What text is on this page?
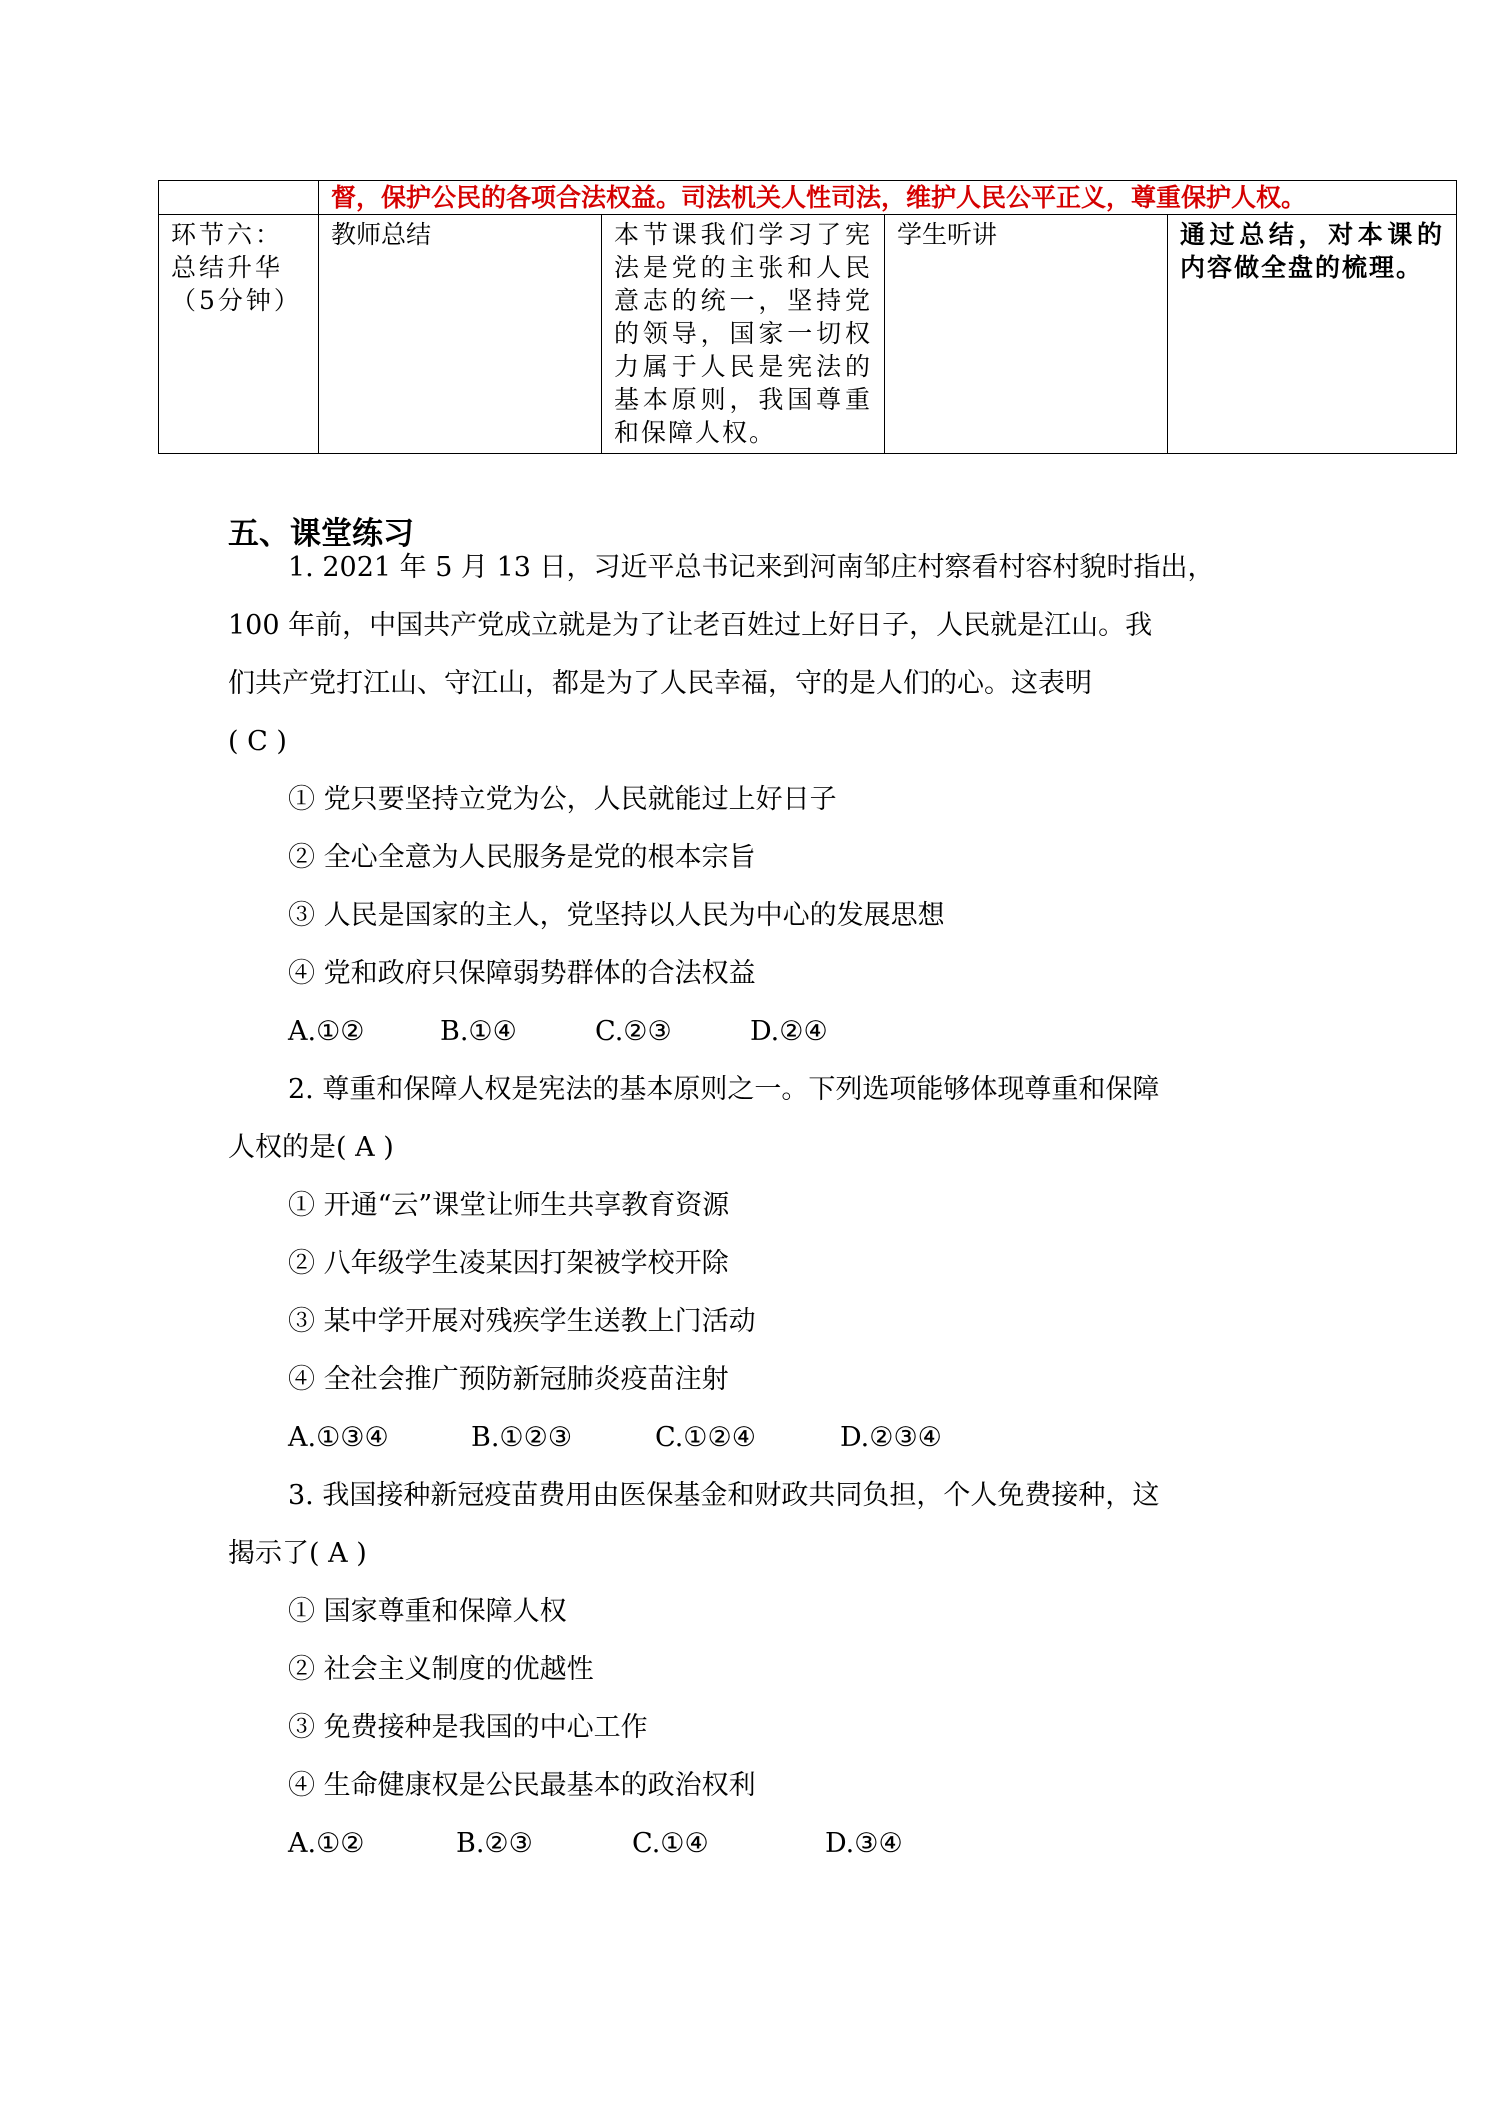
	督，保护公民的各项合法权益。司法机关人性司法，维护人民公平正义，尊重保护人权。			
环节六：总结升华（5分钟）	教师总结	本节课我们学习了宪法是党的主张和人民意志的统一，坚持党的领导，国家一切权力属于人民是宪法的基本原则，我国尊重和保障人权。	学生听讲	通过总结，对本课的内容做全盘的梳理。
五、课堂练习
1. 2021 年 5 月 13 日，习近平总书记来到河南邹庄村察看村容村貌时指出，
100 年前，中国共产党成立就是为了让老百姓过上好日子，人民就是江山。我
们共产党打江山、守江山，都是为了人民幸福，守的是人们的心。这表明
( C )
① 党只要坚持立党为公，人民就能过上好日子
② 全心全意为人民服务是党的根本宗旨
③ 人民是国家的主人，党坚持以人民为中心的发展思想
④ 党和政府只保障弱势群体的合法权益
A.①②	B.①④	C.②③	D.②④
2. 尊重和保障人权是宪法的基本原则之一。下列选项能够体现尊重和保障
人权的是( A )
① 开通“云”课堂让师生共享教育资源
② 八年级学生凌某因打架被学校开除
③ 某中学开展对残疾学生送教上门活动
④ 全社会推广预防新冠肺炎疫苗注射
A.①③④	B.①②③	C.①②④	D.②③④
3. 我国接种新冠疫苗费用由医保基金和财政共同负担，个人免费接种，这
揭示了( A )
① 国家尊重和保障人权
② 社会主义制度的优越性
③ 免费接种是我国的中心工作
④ 生命健康权是公民最基本的政治权利
A.①②	B.②③	C.①④	D.③④
